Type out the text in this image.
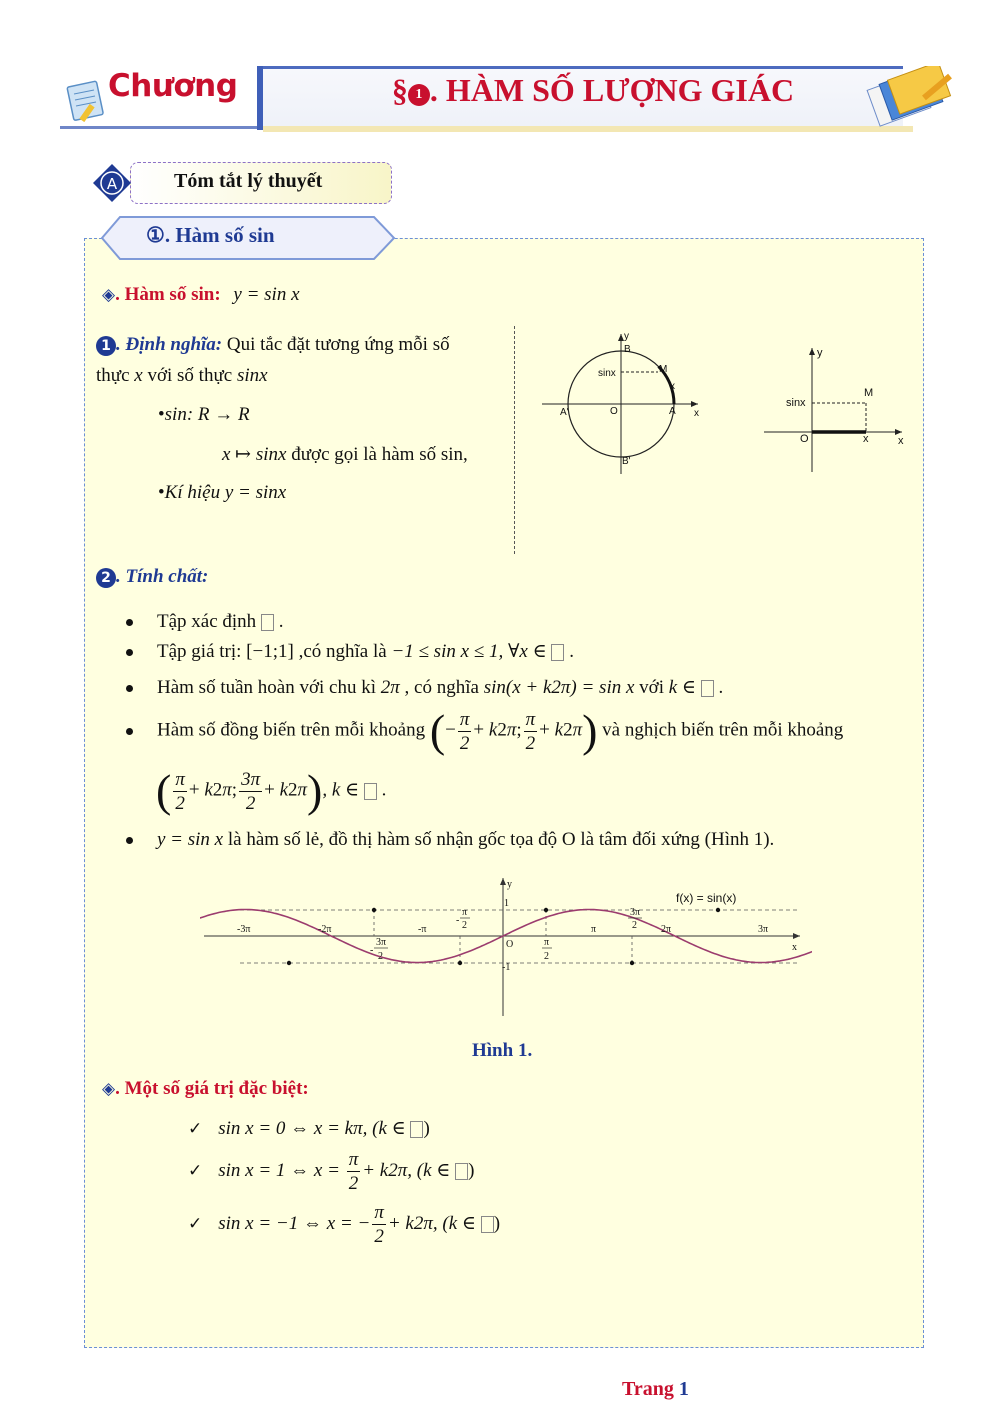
Chương	§ 1 . HÀM SỐ LƯỢNG GIÁC
A	Tóm tắt lý thuyết
①. Hàm số sin
◈. Hàm số sin: y = sin x
1 . Định nghĩa: Qui tắc đặt tương ứng mỗi số
thực x với số thực sinx
•sin: R → R
x ↦ sinx được gọi là hàm số sin,
•Kí hiệu y = sinx
y
B
M
sinx
x
A'	O	A x
B'
y
M
sinx
O	x	x
2 . Tính chất:
Tập xác định  .
Tập giá trị: [−1;1] ,có nghĩa là −1 ≤ sin x ≤ 1, ∀x ∈  .
Hàm số tuần hoàn với chu kì 2π , có nghĩa sin(x + k2π) = sin x với k ∈  .
Hàm số đồng biến trên mỗi khoảng (− $\frac{\pi}{2} + k2\pi$; $\frac{\pi}{2} + k2\pi$) và nghịch biến trên mỗi khoảng
( $\frac{\pi}{2} + k2\pi$; $\frac{3\pi}{2} + k2\pi$), k ∈  .
y = sin x là hàm số lẻ, đồ thị hàm số nhận gốc tọa độ O là tâm đối xứng (Hình 1).
-3π	-2π	-π	π	2π	3π
O
y
x
1
-1
π
2
-
3π
2
-
π
2
3π
2
f(x) = sin(x)
Hình 1.
◈. Một số giá trị đặc biệt:
✓ sin x = 0 ⇔ x = kπ, (k ∈ )
✓ sin x = 1 ⇔ $x = \frac{\pi}{2} + k2\pi$, (k ∈ )
✓ sin x = −1 ⇔ x = − $\frac{\pi}{2} + k2\pi$, (k ∈ )
Trang 1
